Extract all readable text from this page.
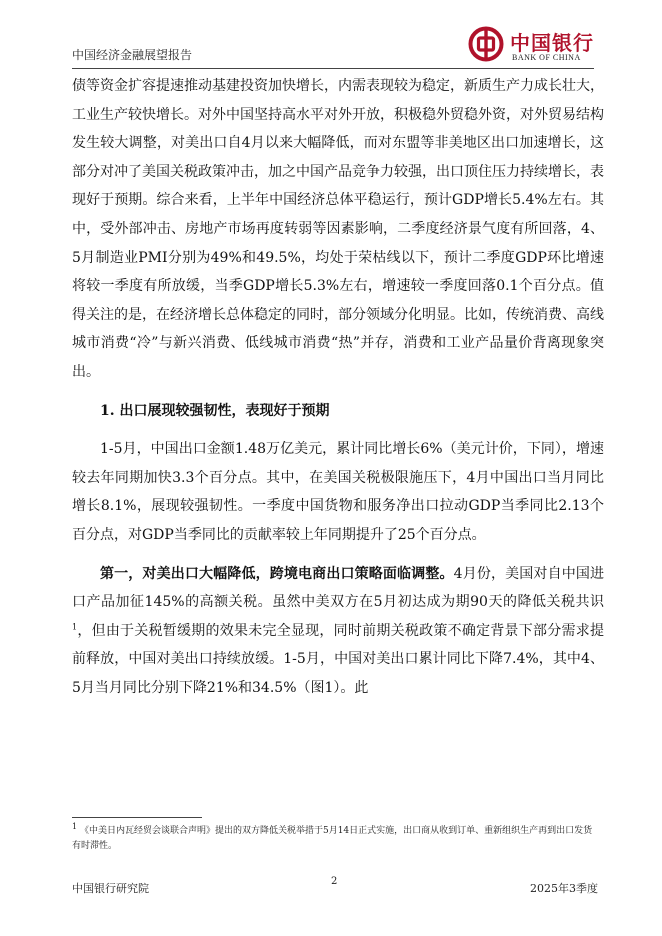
中国经济金融展望报告	中国银行
BANK OF CHINA

债等资金扩容提速推动基建投资加快增长，内需表现较为稳定，新质生产力成长壮大，工业生产较快增长。对外中国坚持高水平对外开放，积极稳外贸稳外资，对外贸易结构发生较大调整，对美出口自4月以来大幅降低，而对东盟等非美地区出口加速增长，这部分对冲了美国关税政策冲击，加之中国产品竞争力较强，出口顶住压力持续增长，表现好于预期。综合来看，上半年中国经济总体平稳运行，预计GDP增长5.4%左右。其中，受外部冲击、房地产市场再度转弱等因素影响，二季度经济景气度有所回落，4、5月制造业PMI分别为49%和49.5%，均处于荣枯线以下，预计二季度GDP环比增速将较一季度有所放缓，当季GDP增长5.3%左右，增速较一季度回落0.1个百分点。值得关注的是，在经济增长总体稳定的同时，部分领域分化明显。比如，传统消费、高线城市消费“冷”与新兴消费、低线城市消费“热”并存，消费和工业产品量价背离现象突出。

1. 出口展现较强韧性，表现好于预期

1-5月，中国出口金额1.48万亿美元，累计同比增长6%（美元计价，下同），增速较去年同期加快3.3个百分点。其中，在美国关税极限施压下，4月中国出口当月同比增长8.1%，展现较强韧性。一季度中国货物和服务净出口拉动GDP当季同比2.13个百分点，对GDP当季同比的贡献率较上年同期提升了25个百分点。

第一，对美出口大幅降低，跨境电商出口策略面临调整。4月份，美国对自中国进口产品加征145%的高额关税。虽然中美双方在5月初达成为期90天的降低关税共识$^1$，但由于关税暂缓期的效果未完全显现，同时前期关税政策不确定背景下部分需求提前释放，中国对美出口持续放缓。1-5月，中国对美出口累计同比下降7.4%，其中4、5月当月同比分别下降21%和34.5%（图1）。此

$^1$ 《中美日内瓦经贸会谈联合声明》提出的双方降低关税举措于5月14日正式实施，出口商从收到订单、重新组织生产再到出口发货有时滞性。
中国银行研究院
2
2025年3季度
